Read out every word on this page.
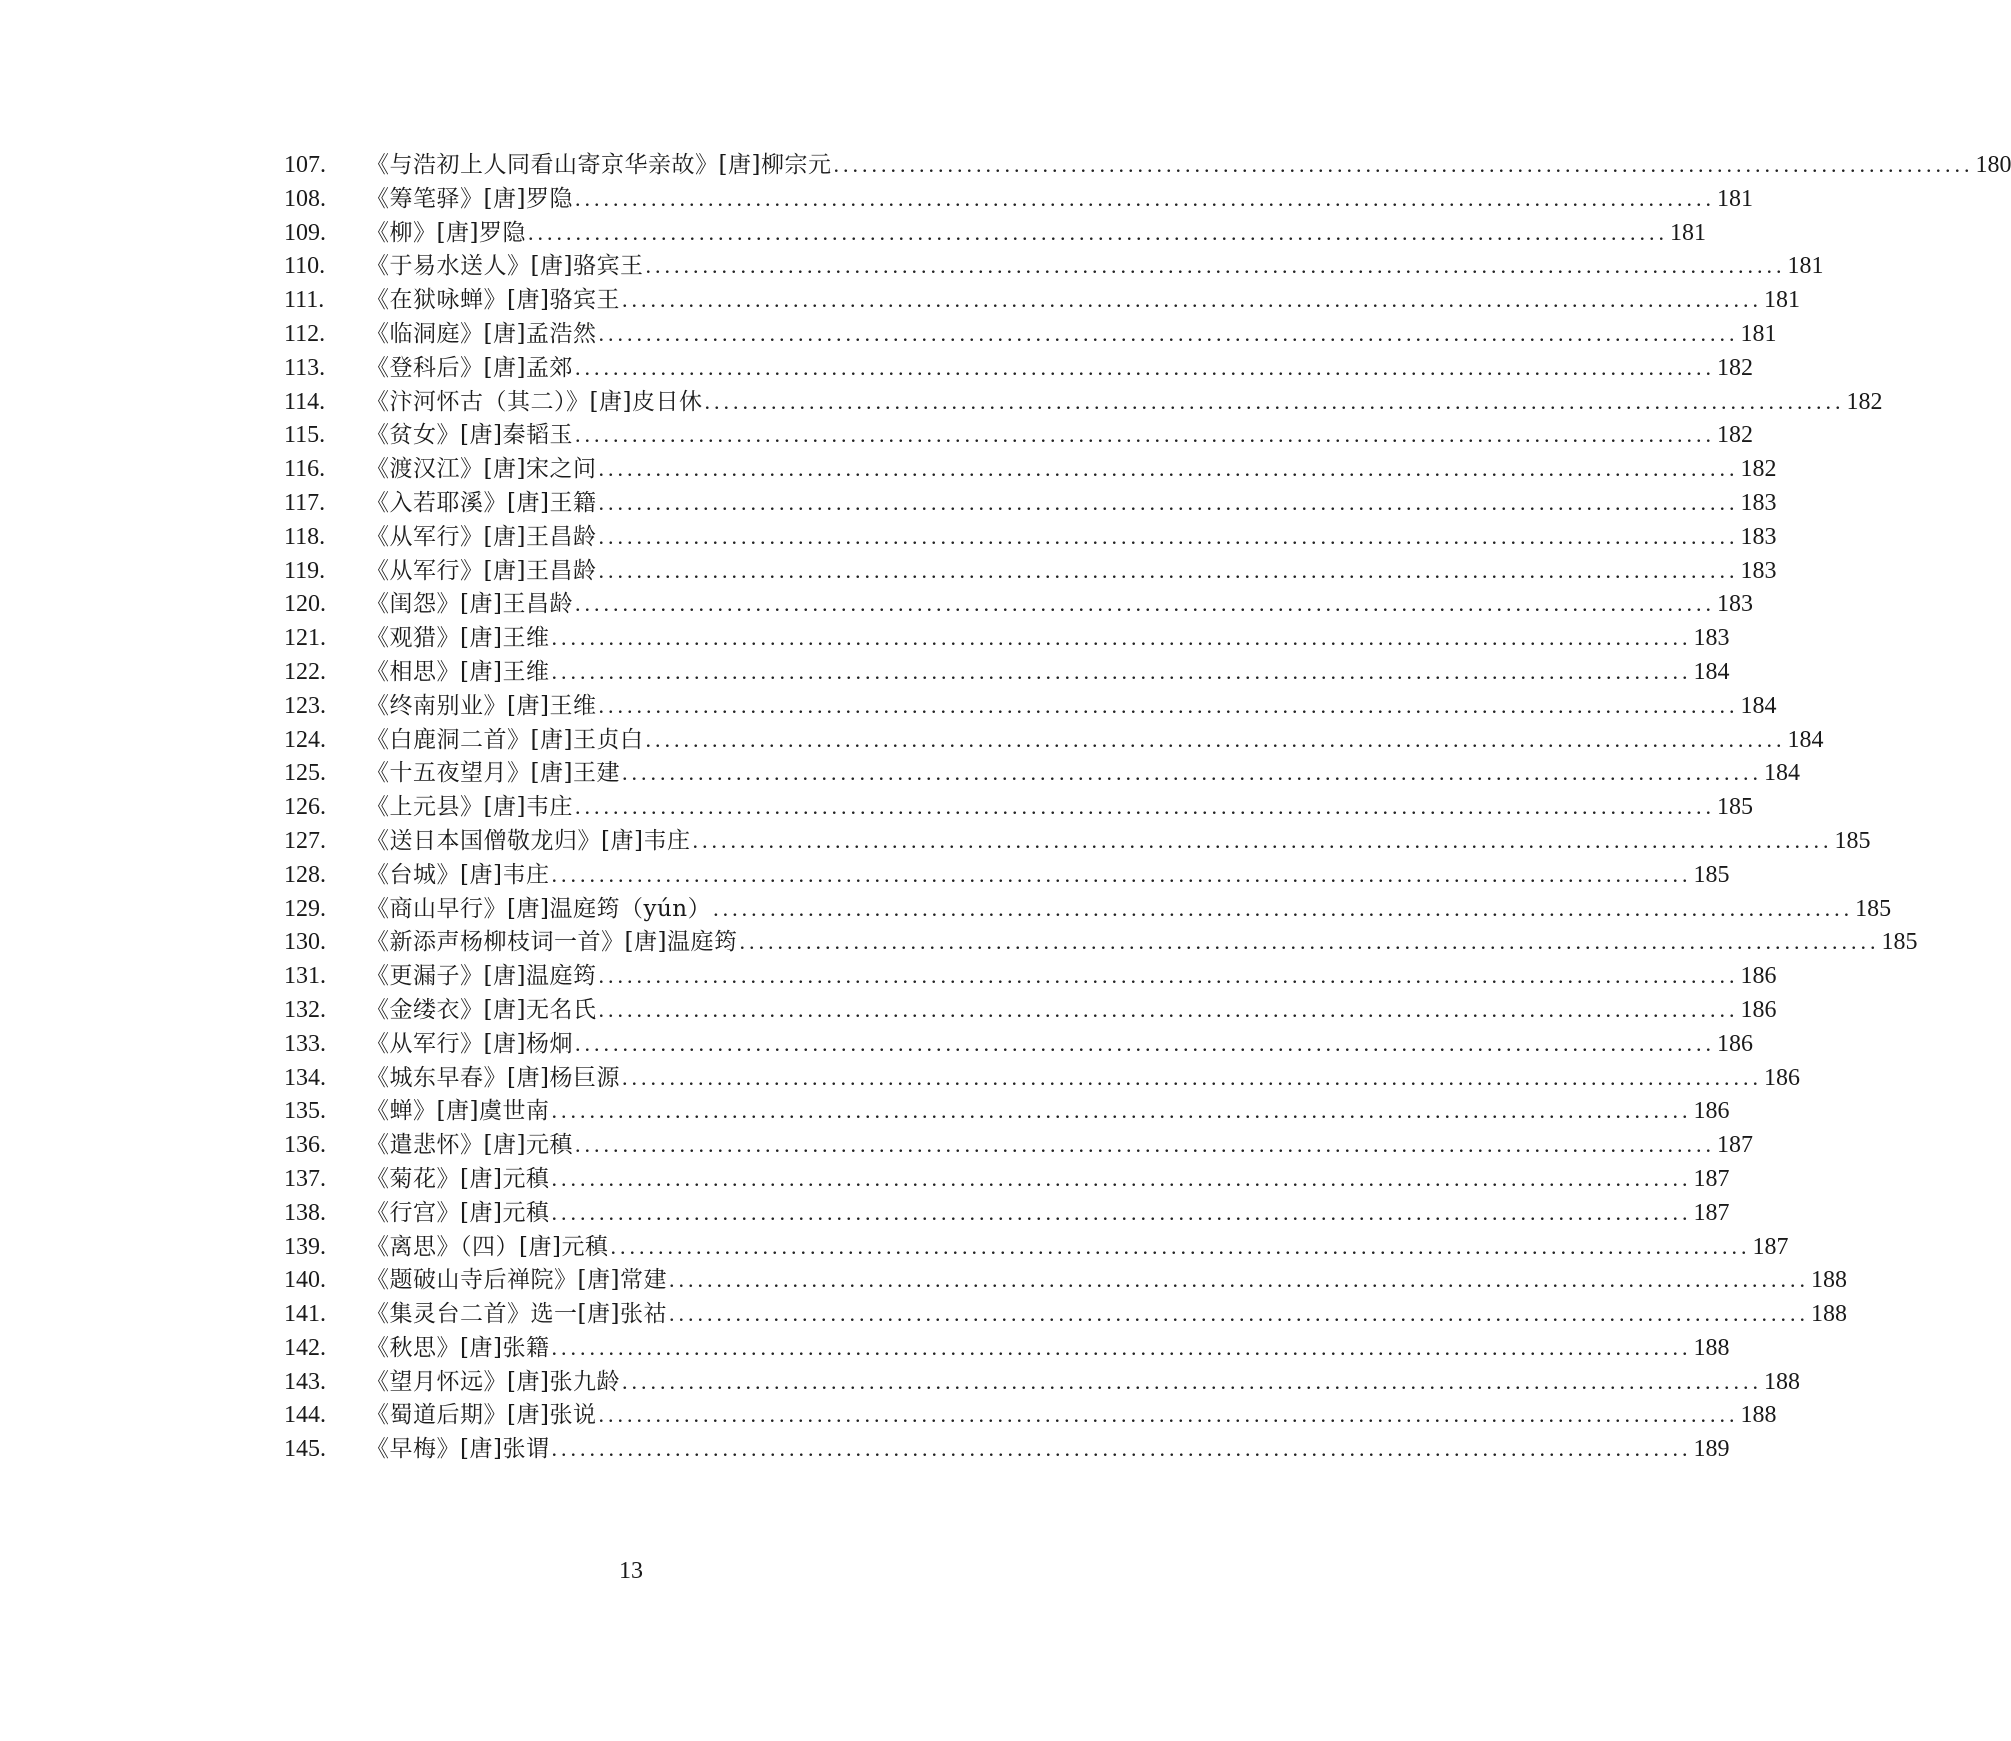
107.	《与浩初上人同看山寄京华亲故》[唐]柳宗元 ........................................................................................................................ 180
108.	《筹笔驿》[唐]罗隐 ........................................................................................................................ 181
109.	《柳》[唐]罗隐 ........................................................................................................................ 181
110.	《于易水送人》[唐]骆宾王 ........................................................................................................................ 181
111.	《在狱咏蝉》[唐]骆宾王 ........................................................................................................................ 181
112.	《临洞庭》[唐]孟浩然 ........................................................................................................................ 181
113.	《登科后》[唐]孟郊 ........................................................................................................................ 182
114.	《汴河怀古（其二）》[唐]皮日休 ........................................................................................................................ 182
115.	《贫女》[唐]秦韬玉 ........................................................................................................................ 182
116.	《渡汉江》[唐]宋之问 ........................................................................................................................ 182
117.	《入若耶溪》[唐]王籍 ........................................................................................................................ 183
118.	《从军行》[唐]王昌龄 ........................................................................................................................ 183
119.	《从军行》[唐]王昌龄 ........................................................................................................................ 183
120.	《闺怨》[唐]王昌龄 ........................................................................................................................ 183
121.	《观猎》[唐]王维 ........................................................................................................................ 183
122.	《相思》[唐]王维 ........................................................................................................................ 184
123.	《终南别业》[唐]王维 ........................................................................................................................ 184
124.	《白鹿洞二首》[唐]王贞白 ........................................................................................................................ 184
125.	《十五夜望月》[唐]王建 ........................................................................................................................ 184
126.	《上元县》[唐]韦庄 ........................................................................................................................ 185
127.	《送日本国僧敬龙归》[唐]韦庄 ........................................................................................................................ 185
128.	《台城》[唐]韦庄 ........................................................................................................................ 185
129.	《商山早行》[唐]温庭筠（yún） ........................................................................................................................ 185
130.	《新添声杨柳枝词一首》[唐]温庭筠 ........................................................................................................................ 185
131.	《更漏子》[唐]温庭筠 ........................................................................................................................ 186
132.	《金缕衣》[唐]无名氏 ........................................................................................................................ 186
133.	《从军行》[唐]杨炯 ........................................................................................................................ 186
134.	《城东早春》[唐]杨巨源 ........................................................................................................................ 186
135.	《蝉》[唐]虞世南 ........................................................................................................................ 186
136.	《遣悲怀》[唐]元稹 ........................................................................................................................ 187
137.	《菊花》[唐]元稹 ........................................................................................................................ 187
138.	《行宫》[唐]元稹 ........................................................................................................................ 187
139.	《离思》（四）[唐]元稹 ........................................................................................................................ 187
140.	《题破山寺后禅院》[唐]常建 ........................................................................................................................ 188
141.	《集灵台二首》选一[唐]张祜 ........................................................................................................................ 188
142.	《秋思》[唐]张籍 ........................................................................................................................ 188
143.	《望月怀远》[唐]张九龄 ........................................................................................................................ 188
144.	《蜀道后期》[唐]张说 ........................................................................................................................ 188
145.	《早梅》[唐]张谓 ........................................................................................................................ 189
13
